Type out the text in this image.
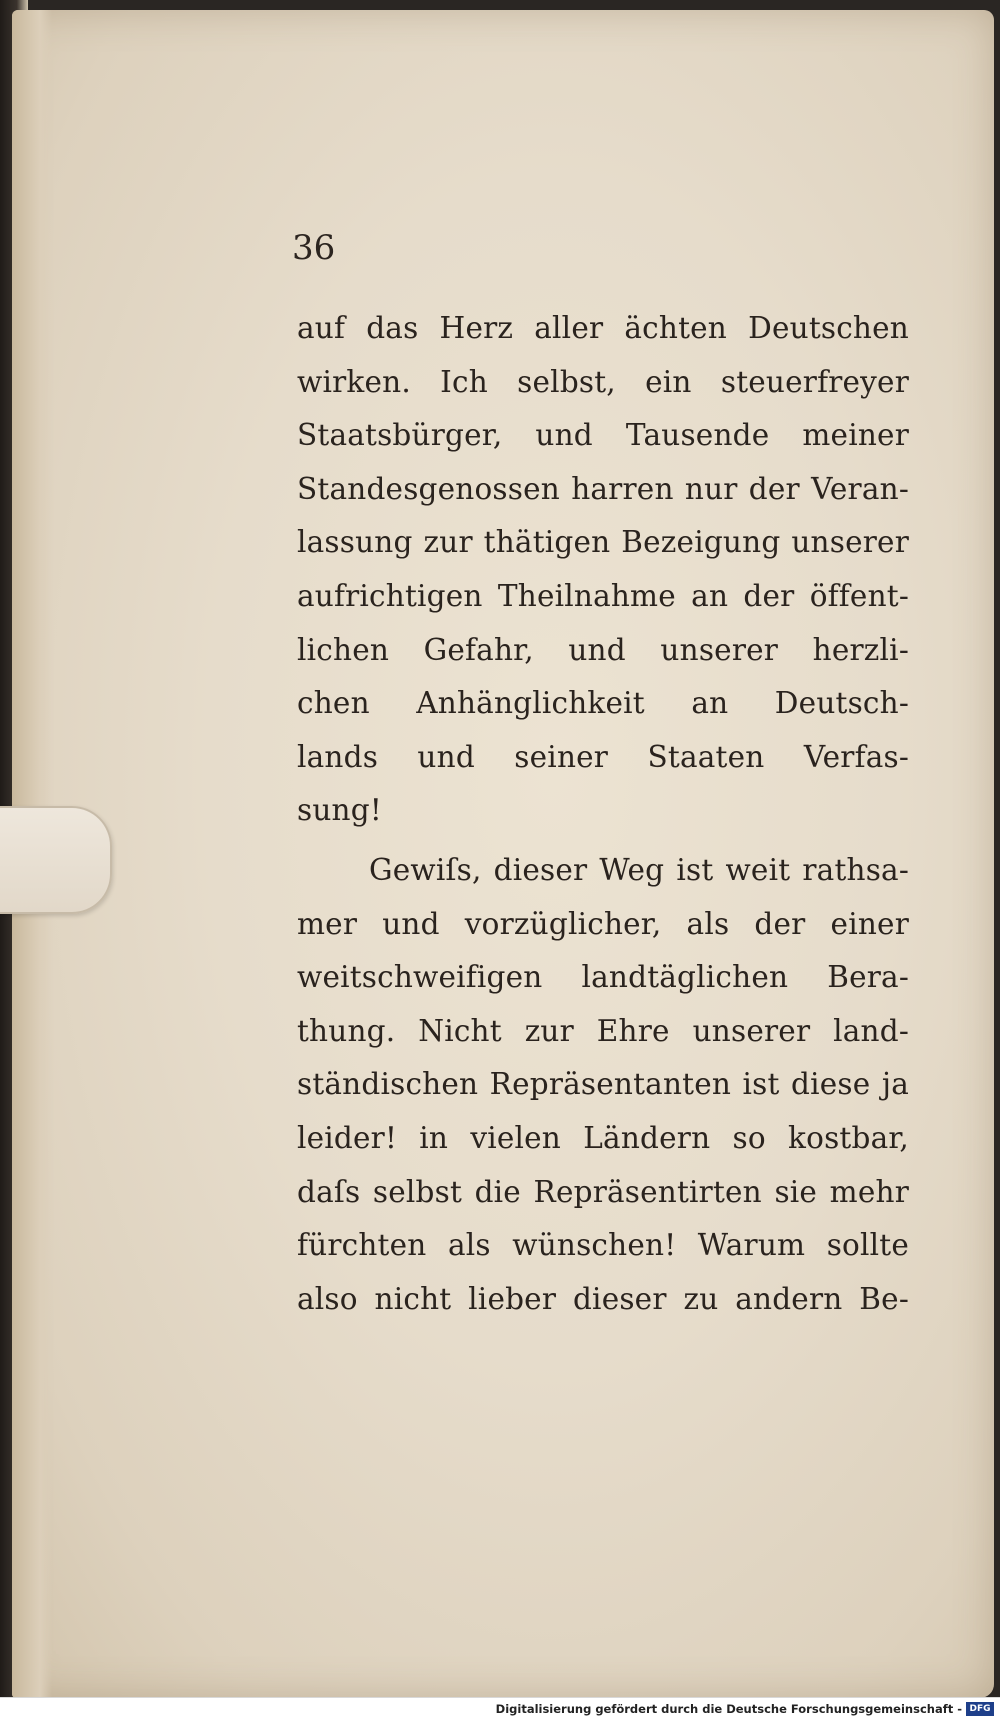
36
auf das Herz aller ächten Deutschen
wirken. Ich selbst, ein steuerfreyer
Staatsbürger, und Tausende meiner
Standesgenossen harren nur der Veran-
lassung zur thätigen Bezeigung unserer
aufrichtigen Theilnahme an der öffent-
lichen Gefahr, und unserer herzli-
chen Anhänglichkeit an Deutsch-
lands und seiner Staaten Verfas-
sung!
Gewiſs, dieser Weg ist weit rathsa-
mer und vorzüglicher, als der einer
weitschweifigen landtäglichen Bera-
thung. Nicht zur Ehre unserer land-
ständischen Repräsentanten ist diese ja
leider! in vielen Ländern so kostbar,
daſs selbst die Repräsentirten sie mehr
fürchten als wünschen! Warum sollte
also nicht lieber dieser zu andern Be-
Digitalisierung gefördert durch die Deutsche Forschungsgemeinschaft - DFG
